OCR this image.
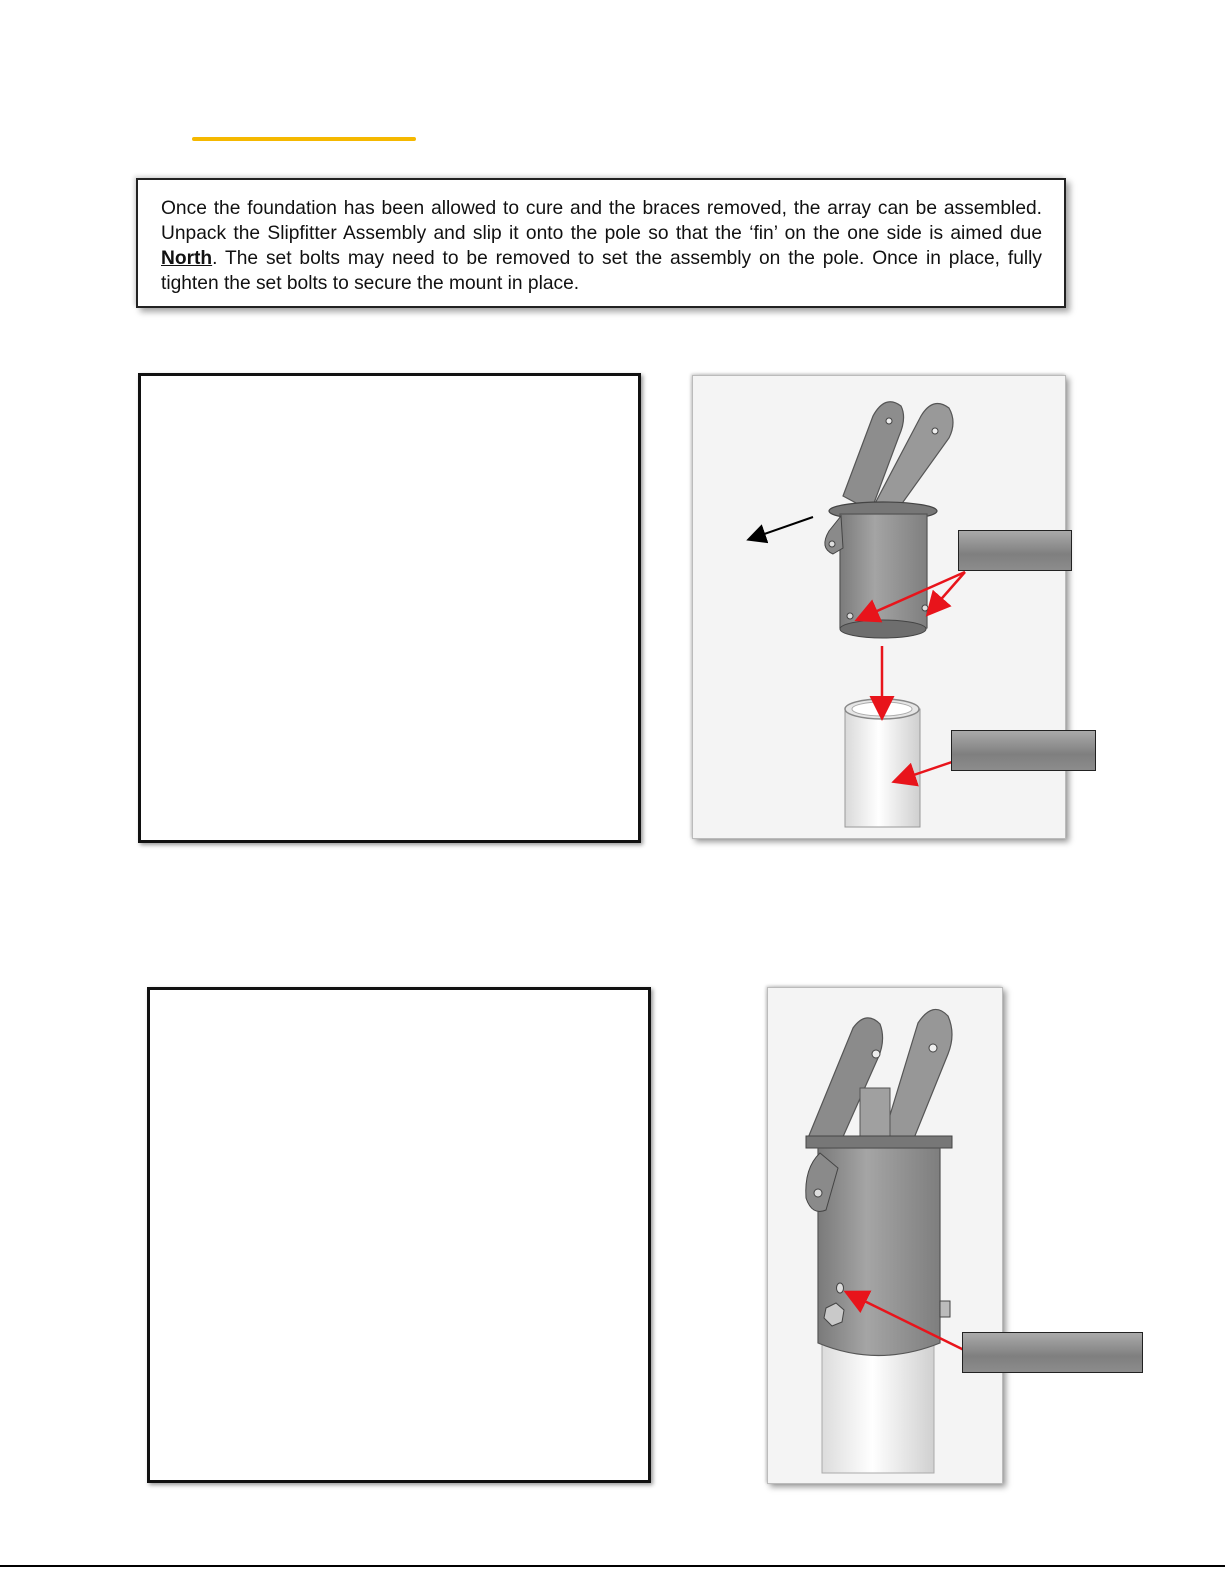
Once the foundation has been allowed to cure and the braces removed, the array can be assembled. Unpack the Slipfitter Assembly and slip it onto the pole so that the ‘fin’ on the one side is aimed due North. The set bolts may need to be removed to set the assembly on the pole. Once in place, fully tighten the set bolts to secure the mount in place.
